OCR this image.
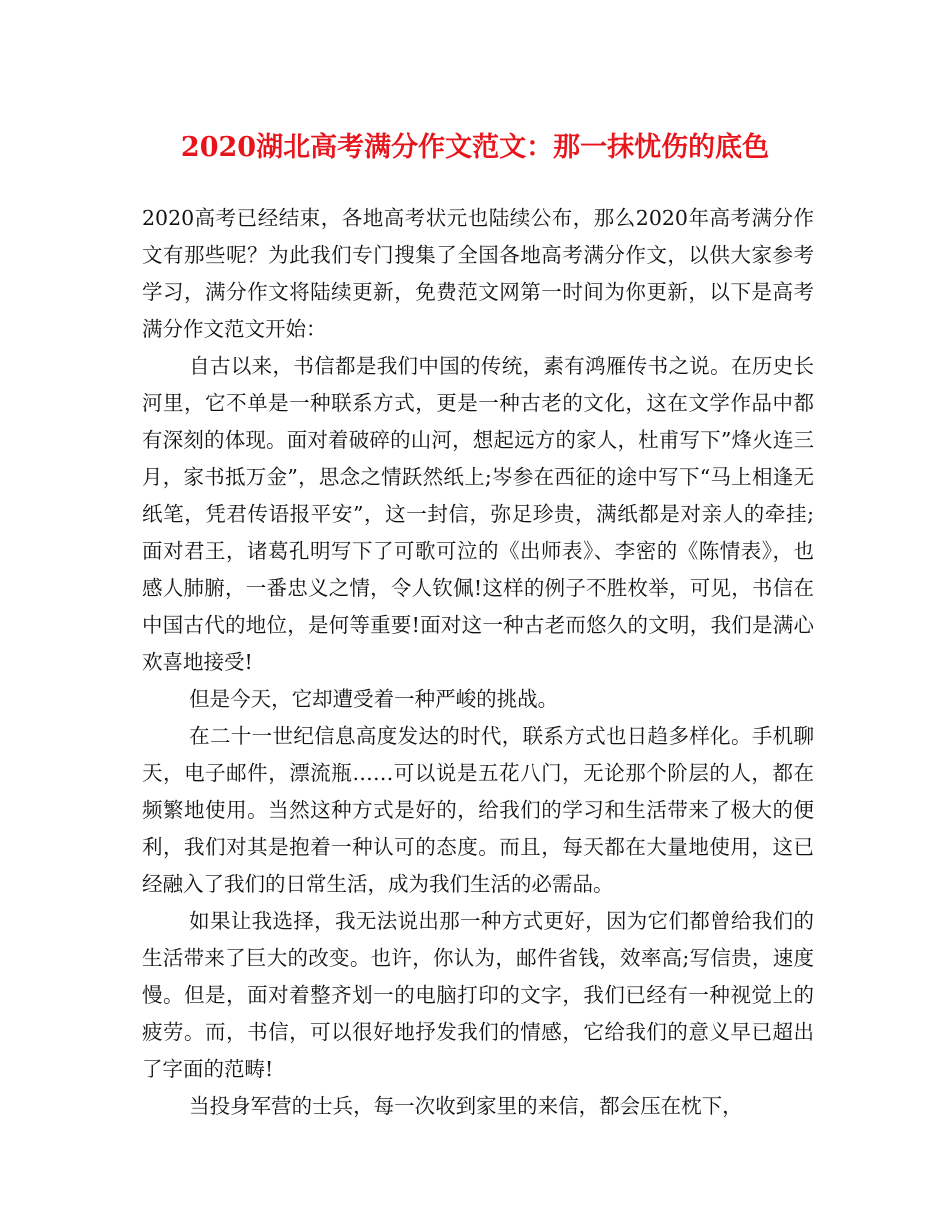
2020湖北高考满分作文范文：那一抹忧伤的底色

2020高考已经结束，各地高考状元也陆续公布，那么2020年高考满分作文有那些呢？为此我们专门搜集了全国各地高考满分作文，以供大家参考学习，满分作文将陆续更新，免费范文网第一时间为你更新，以下是高考满分作文范文开始：

自古以来，书信都是我们中国的传统，素有鸿雁传书之说。在历史长河里，它不单是一种联系方式，更是一种古老的文化，这在文学作品中都有深刻的体现。面对着破碎的山河，想起远方的家人，杜甫写下”烽火连三月，家书抵万金”，思念之情跃然纸上;岑参在西征的途中写下“马上相逢无纸笔，凭君传语报平安”，这一封信，弥足珍贵，满纸都是对亲人的牵挂;面对君王，诸葛孔明写下了可歌可泣的《出师表》、李密的《陈情表》，也感人肺腑，一番忠义之情，令人钦佩!这样的例子不胜枚举，可见，书信在中国古代的地位，是何等重要!面对这一种古老而悠久的文明，我们是满心欢喜地接受!

但是今天，它却遭受着一种严峻的挑战。

在二十一世纪信息高度发达的时代，联系方式也日趋多样化。手机聊天，电子邮件，漂流瓶……可以说是五花八门，无论那个阶层的人，都在频繁地使用。当然这种方式是好的，给我们的学习和生活带来了极大的便利，我们对其是抱着一种认可的态度。而且，每天都在大量地使用，这已经融入了我们的日常生活，成为我们生活的必需品。

如果让我选择，我无法说出那一种方式更好，因为它们都曾给我们的生活带来了巨大的改变。也许，你认为，邮件省钱，效率高;写信贵，速度慢。但是，面对着整齐划一的电脑打印的文字，我们已经有一种视觉上的疲劳。而，书信，可以很好地抒发我们的情感，它给我们的意义早已超出了字面的范畴!

当投身军营的士兵，每一次收到家里的来信，都会压在枕下，
